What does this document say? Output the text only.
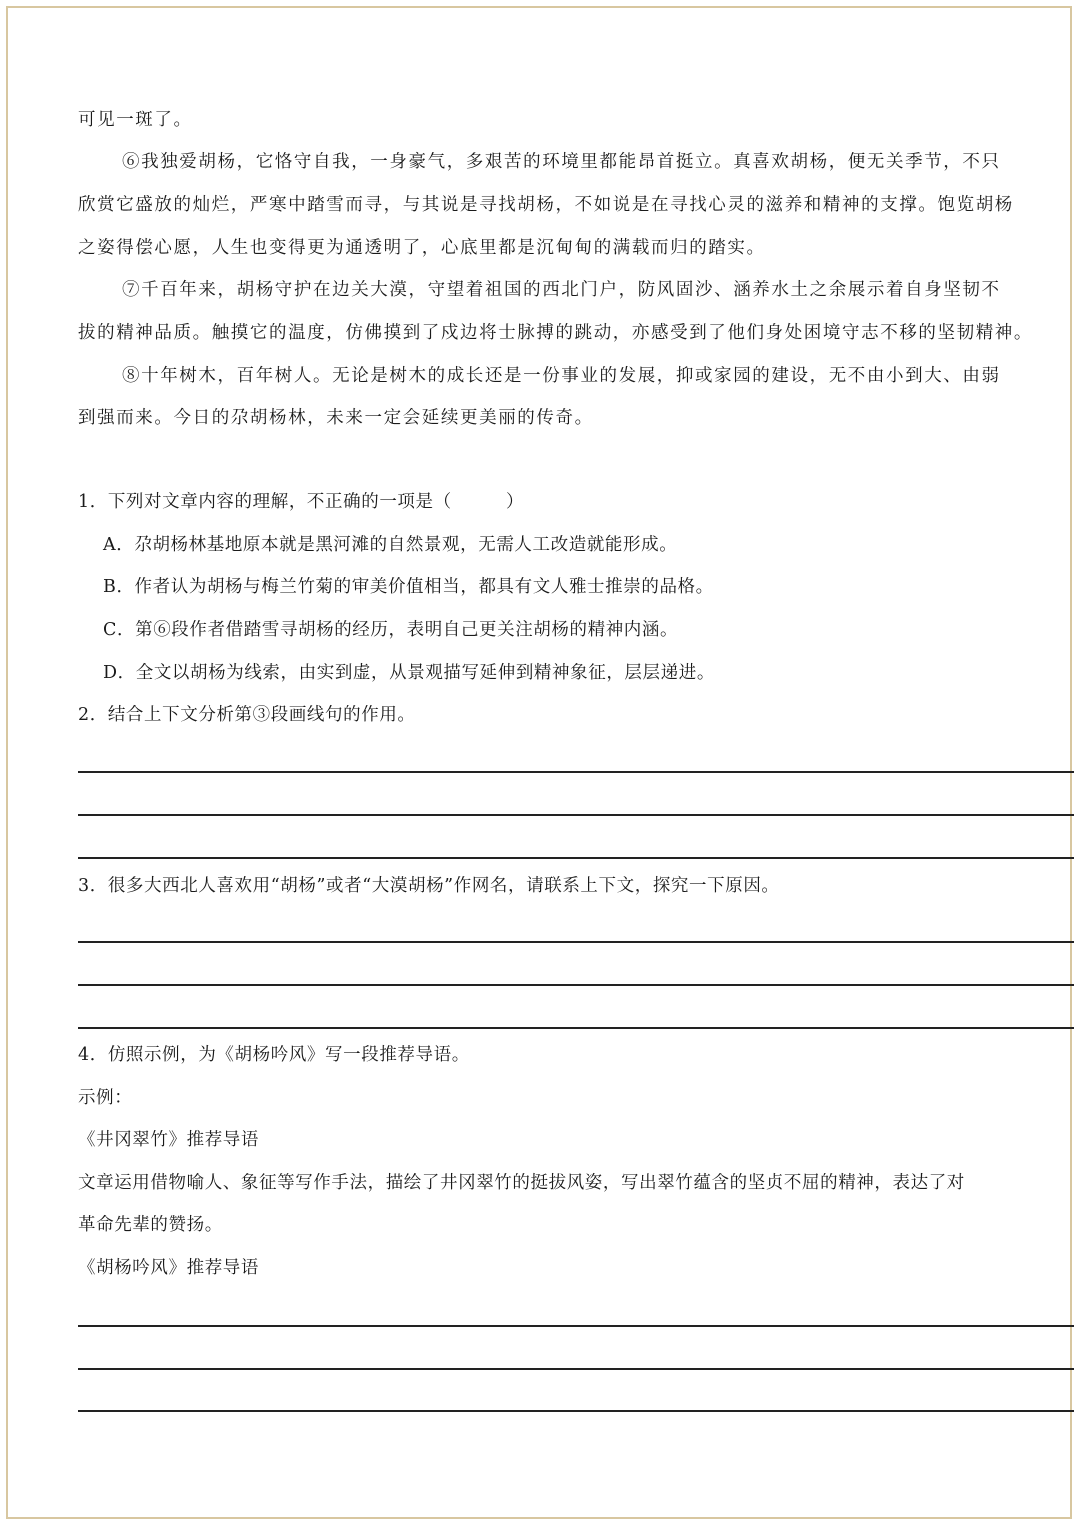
可见一斑了。
⑥我独爱胡杨，它恪守自我，一身豪气，多艰苦的环境里都能昂首挺立。真喜欢胡杨，便无关季节，不只
欣赏它盛放的灿烂，严寒中踏雪而寻，与其说是寻找胡杨，不如说是在寻找心灵的滋养和精神的支撑。饱览胡杨
之姿得偿心愿，人生也变得更为通透明了，心底里都是沉甸甸的满载而归的踏实。
⑦千百年来，胡杨守护在边关大漠，守望着祖国的西北门户，防风固沙、涵养水土之余展示着自身坚韧不
拔的精神品质。触摸它的温度，仿佛摸到了戍边将士脉搏的跳动，亦感受到了他们身处困境守志不移的坚韧精神。
⑧十年树木，百年树人。无论是树木的成长还是一份事业的发展，抑或家园的建设，无不由小到大、由弱
到强而来。今日的尕胡杨林，未来一定会延续更美丽的传奇。
1．下列对文章内容的理解，不正确的一项是（　　　）
A．尕胡杨林基地原本就是黑河滩的自然景观，无需人工改造就能形成。
B．作者认为胡杨与梅兰竹菊的审美价值相当，都具有文人雅士推崇的品格。
C．第⑥段作者借踏雪寻胡杨的经历，表明自己更关注胡杨的精神内涵。
D．全文以胡杨为线索，由实到虚，从景观描写延伸到精神象征，层层递进。
2．结合上下文分析第③段画线句的作用。
3．很多大西北人喜欢用“胡杨”或者“大漠胡杨”作网名，请联系上下文，探究一下原因。
4．仿照示例，为《胡杨吟风》写一段推荐导语。
示例：
《井冈翠竹》推荐导语
文章运用借物喻人、象征等写作手法，描绘了井冈翠竹的挺拔风姿，写出翠竹蕴含的坚贞不屈的精神，表达了对
革命先辈的赞扬。
《胡杨吟风》推荐导语
